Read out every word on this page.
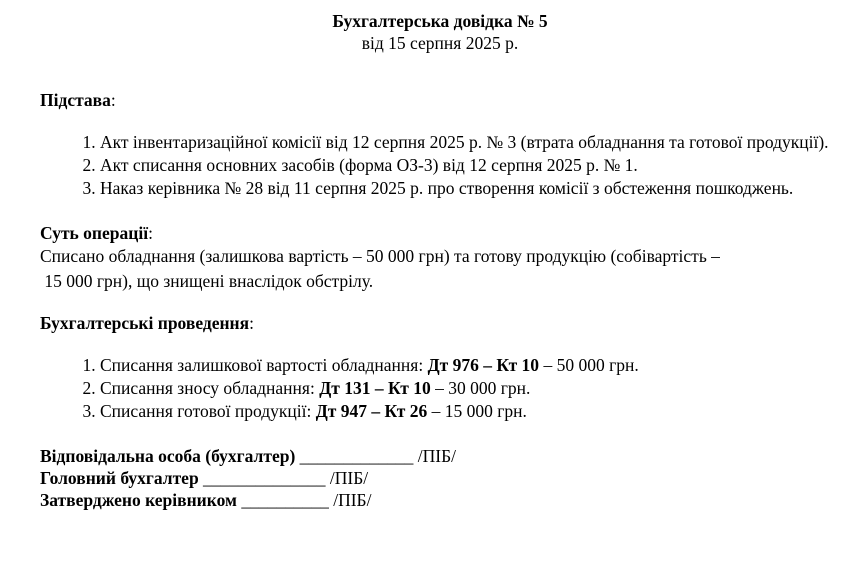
Бухгалтерська довідка № 5

від 15 серпня 2025 р.

Підстава:

1. Акт інвентаризаційної комісії від 12 серпня 2025 р. № 3 (втрата обладнання та готової продукції).
2. Акт списання основних засобів (форма ОЗ-3) від 12 серпня 2025 р. № 1.
3. Наказ керівника № 28 від 11 серпня 2025 р. про створення комісії з обстеження пошкоджень.

Суть операції:

Списано обладнання (залишкова вартість – 50 000 грн) та готову продукцію (собівартість –

15 000 грн), що знищені внаслідок обстрілу.

Бухгалтерські проведення:

1. Списання залишкової вартості обладнання: Дт 976 – Кт 10 – 50 000 грн.
2. Списання зносу обладнання: Дт 131 – Кт 10 – 30 000 грн.
3. Списання готової продукції: Дт 947 – Кт 26 – 15 000 грн.

Відповідальна особа (бухгалтер) _____________ /ПІБ/

Головний бухгалтер ______________ /ПІБ/

Затверджено керівником __________ /ПІБ/
